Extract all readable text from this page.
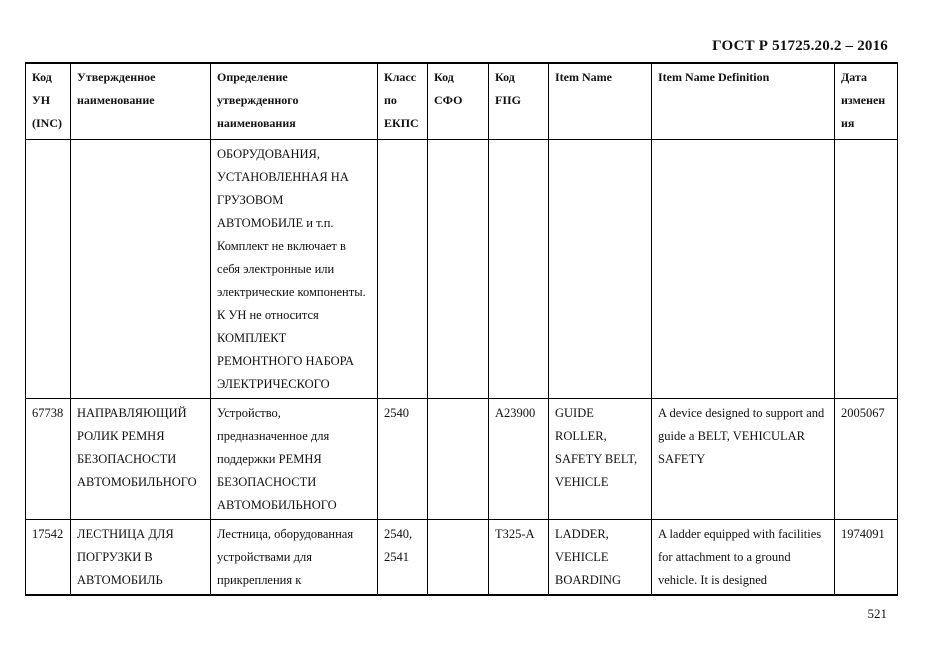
ГОСТ Р 51725.20.2 – 2016
Код УН (INC)	Утвержденное наименование	Определение утвержденного наименования	Класс по ЕКПС	Код СФО	Код FIIG	Item Name	Item Name Definition	Дата изменения
		ОБОРУДОВАНИЯ, УСТАНОВЛЕННАЯ НА ГРУЗОВОМ АВТОМОБИЛЕ и т.п. Комплект не включает в себя электронные или электрические компоненты. К УН не относится КОМПЛЕКТ РЕМОНТНОГО НАБОРА ЭЛЕКТРИЧЕСКОГО						
67738	НАПРАВЛЯЮЩИЙ РОЛИК РЕМНЯ БЕЗОПАСНОСТИ АВТОМОБИЛЬНОГО	Устройство, предназначенное для поддержки РЕМНЯ БЕЗОПАСНОСТИ АВТОМОБИЛЬНОГО	2540		A23900	GUIDE ROLLER, SAFETY BELT, VEHICLE	A device designed to support and guide a BELT, VEHICULAR SAFETY	2005067
17542	ЛЕСТНИЦА ДЛЯ ПОГРУЗКИ В АВТОМОБИЛЬ	Лестница, оборудованная устройствами для прикрепления к	2540, 2541		T325-A	LADDER, VEHICLE BOARDING	A ladder equipped with facilities for attachment to a ground vehicle. It is designed	1974091
521
